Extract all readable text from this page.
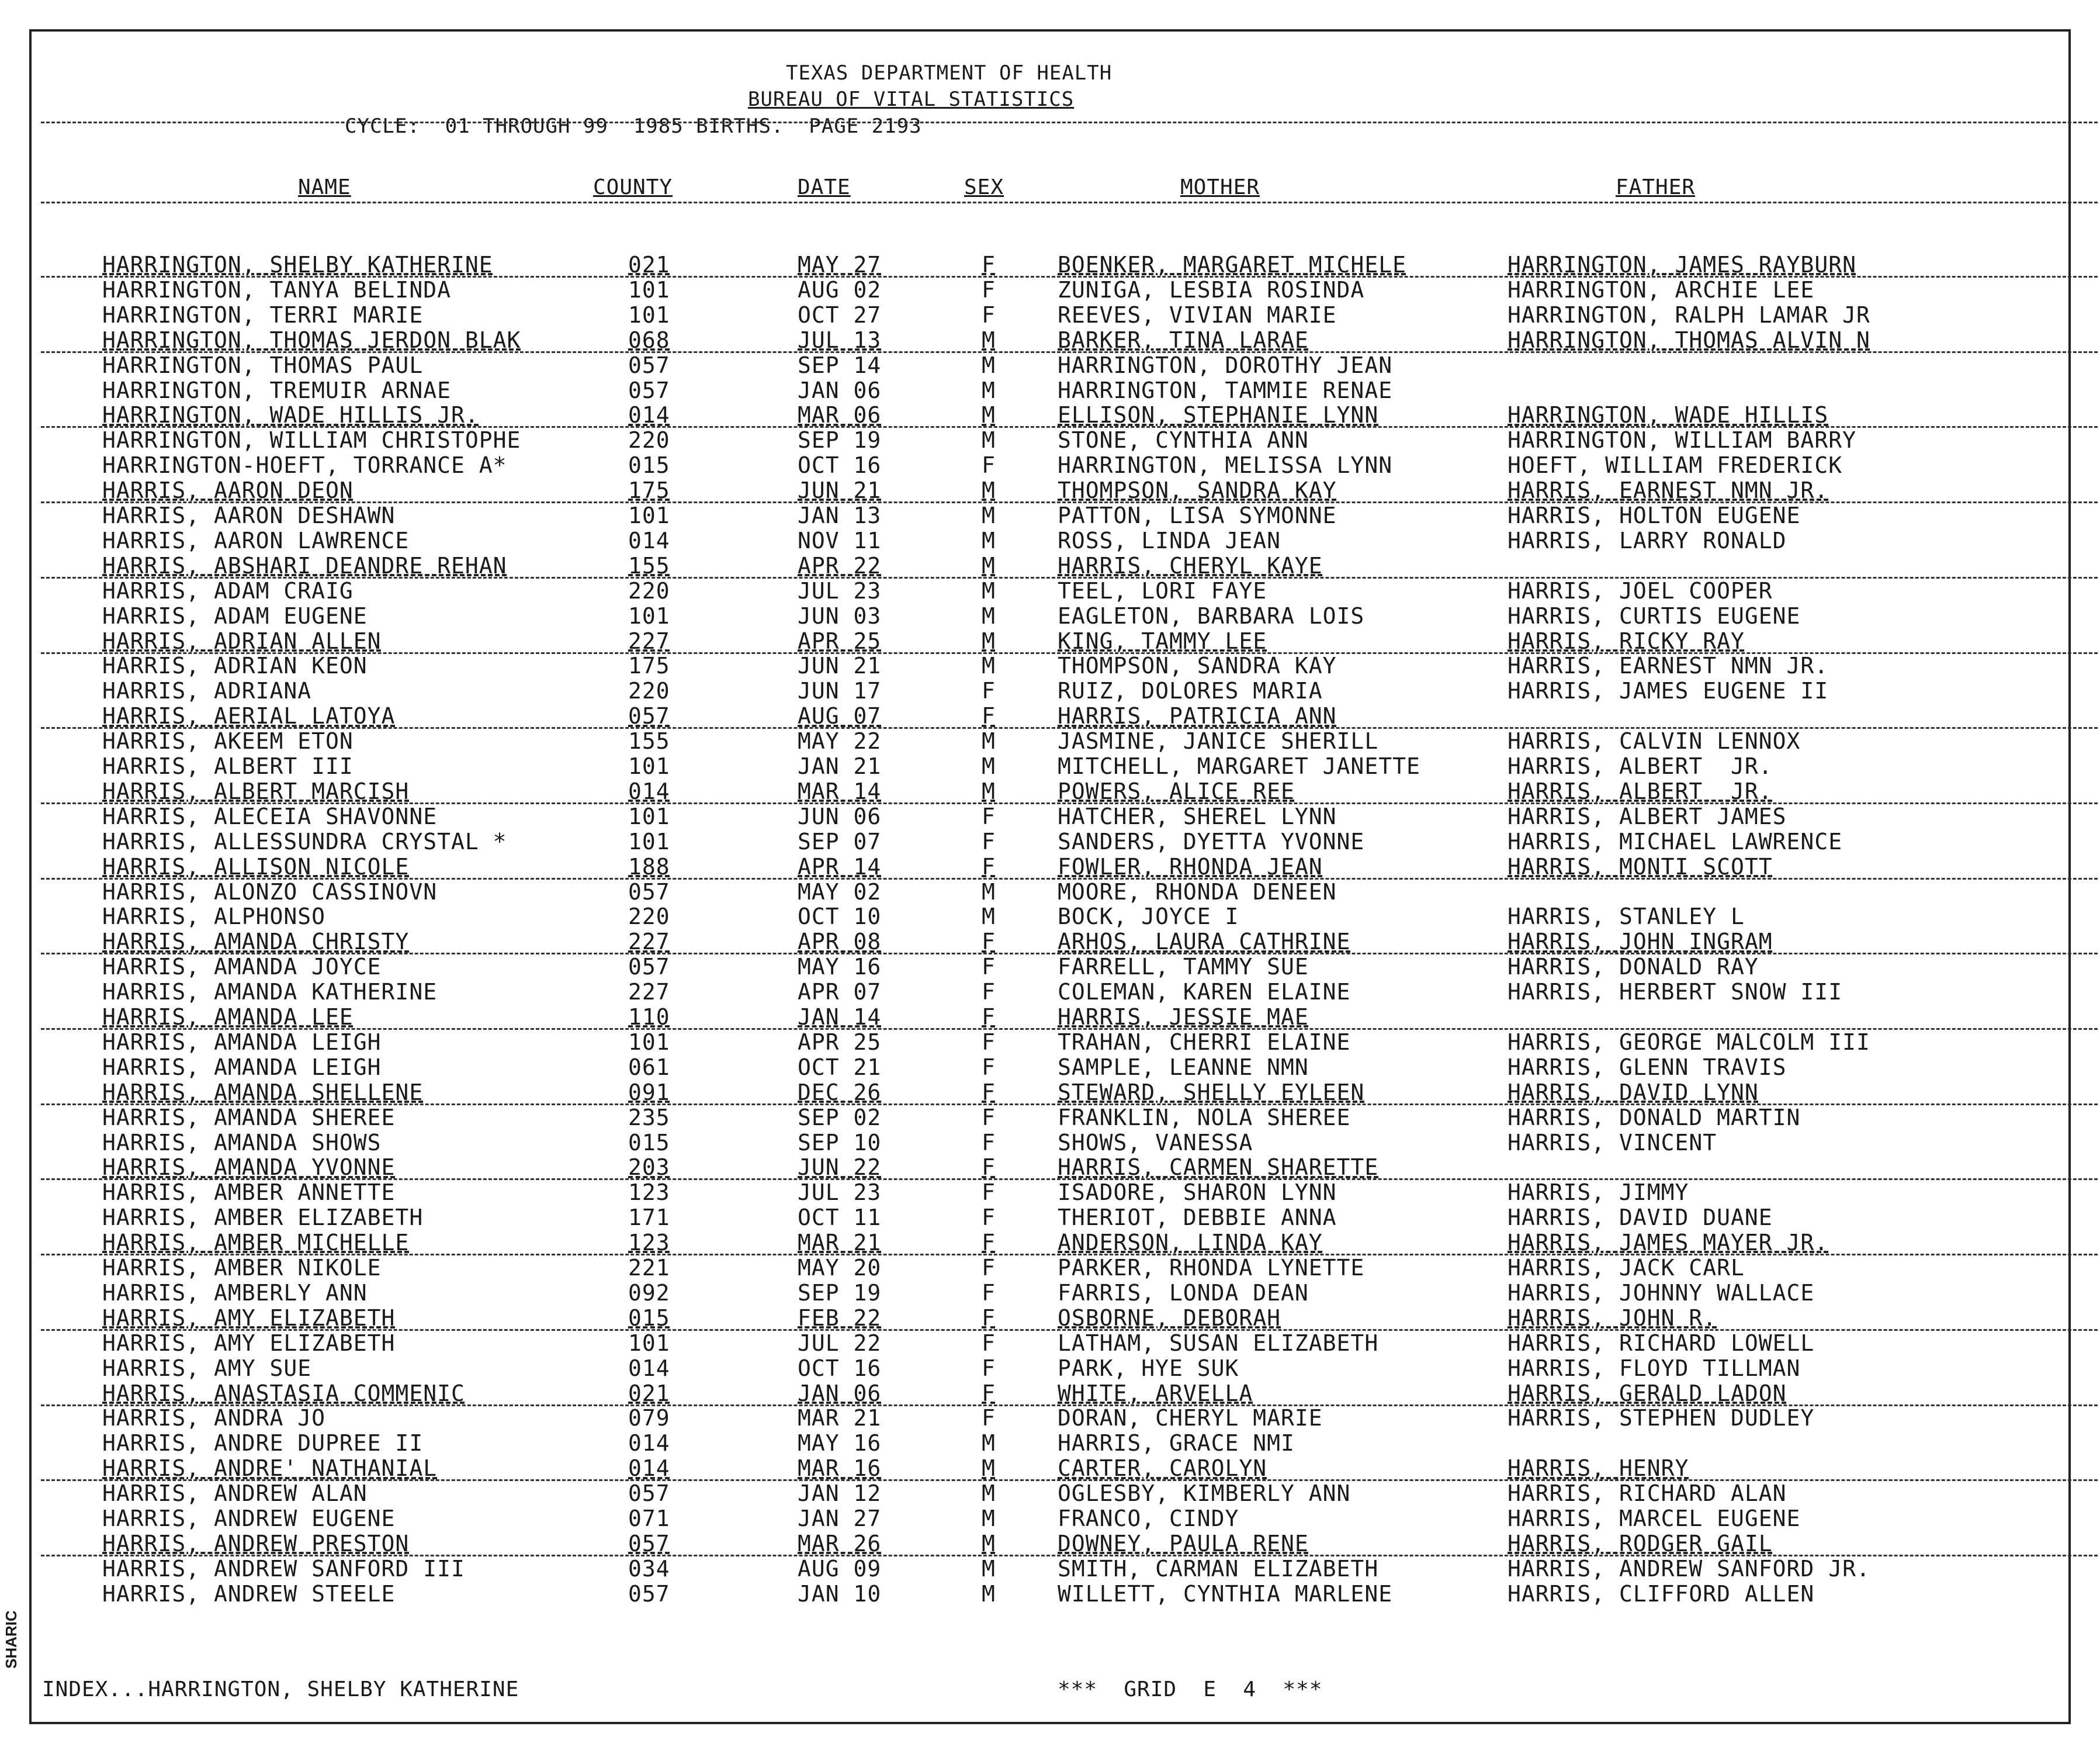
TEXAS DEPARTMENT OF HEALTH
BUREAU OF VITAL STATISTICS
CYCLE:  01 THROUGH 99  1985 BIRTHS.  PAGE 2193
NAME	COUNTY	DATE	SEX	MOTHER	FATHER
HARRINGTON, SHELBY KATHERINE	021	MAY 27	F	BOENKER, MARGARET MICHELE	HARRINGTON, JAMES RAYBURN
HARRINGTON, TANYA BELINDA	101	AUG 02	F	ZUNIGA, LESBIA ROSINDA	HARRINGTON, ARCHIE LEE
HARRINGTON, TERRI MARIE	101	OCT 27	F	REEVES, VIVIAN MARIE	HARRINGTON, RALPH LAMAR JR
HARRINGTON, THOMAS JERDON BLAK	068	JUL 13	M	BARKER, TINA LARAE	HARRINGTON, THOMAS ALVIN N
HARRINGTON, THOMAS PAUL	057	SEP 14	M	HARRINGTON, DOROTHY JEAN
HARRINGTON, TREMUIR ARNAE	057	JAN 06	M	HARRINGTON, TAMMIE RENAE
HARRINGTON, WADE HILLIS JR.	014	MAR 06	M	ELLISON, STEPHANIE LYNN	HARRINGTON, WADE HILLIS
HARRINGTON, WILLIAM CHRISTOPHE	220	SEP 19	M	STONE, CYNTHIA ANN	HARRINGTON, WILLIAM BARRY
HARRINGTON-HOEFT, TORRANCE A*	015	OCT 16	F	HARRINGTON, MELISSA LYNN	HOEFT, WILLIAM FREDERICK
HARRIS, AARON DEON	175	JUN 21	M	THOMPSON, SANDRA KAY	HARRIS, EARNEST NMN JR.
HARRIS, AARON DESHAWN	101	JAN 13	M	PATTON, LISA SYMONNE	HARRIS, HOLTON EUGENE
HARRIS, AARON LAWRENCE	014	NOV 11	M	ROSS, LINDA JEAN	HARRIS, LARRY RONALD
HARRIS, ABSHARI DEANDRE REHAN	155	APR 22	M	HARRIS, CHERYL KAYE
HARRIS, ADAM CRAIG	220	JUL 23	M	TEEL, LORI FAYE	HARRIS, JOEL COOPER
HARRIS, ADAM EUGENE	101	JUN 03	M	EAGLETON, BARBARA LOIS	HARRIS, CURTIS EUGENE
HARRIS, ADRIAN ALLEN	227	APR 25	M	KING, TAMMY LEE	HARRIS, RICKY RAY
HARRIS, ADRIAN KEON	175	JUN 21	M	THOMPSON, SANDRA KAY	HARRIS, EARNEST NMN JR.
HARRIS, ADRIANA	220	JUN 17	F	RUIZ, DOLORES MARIA	HARRIS, JAMES EUGENE II
HARRIS, AERIAL LATOYA	057	AUG 07	F	HARRIS, PATRICIA ANN
HARRIS, AKEEM ETON	155	MAY 22	M	JASMINE, JANICE SHERILL	HARRIS, CALVIN LENNOX
HARRIS, ALBERT III	101	JAN 21	M	MITCHELL, MARGARET JANETTE	HARRIS, ALBERT  JR.
HARRIS, ALBERT MARCISH	014	MAR 14	M	POWERS, ALICE REE	HARRIS, ALBERT  JR.
HARRIS, ALECEIA SHAVONNE	101	JUN 06	F	HATCHER, SHEREL LYNN	HARRIS, ALBERT JAMES
HARRIS, ALLESSUNDRA CRYSTAL *	101	SEP 07	F	SANDERS, DYETTA YVONNE	HARRIS, MICHAEL LAWRENCE
HARRIS, ALLISON NICOLE	188	APR 14	F	FOWLER, RHONDA JEAN	HARRIS, MONTI SCOTT
HARRIS, ALONZO CASSINOVN	057	MAY 02	M	MOORE, RHONDA DENEEN
HARRIS, ALPHONSO	220	OCT 10	M	BOCK, JOYCE I	HARRIS, STANLEY L
HARRIS, AMANDA CHRISTY	227	APR 08	F	ARHOS, LAURA CATHRINE	HARRIS, JOHN INGRAM
HARRIS, AMANDA JOYCE	057	MAY 16	F	FARRELL, TAMMY SUE	HARRIS, DONALD RAY
HARRIS, AMANDA KATHERINE	227	APR 07	F	COLEMAN, KAREN ELAINE	HARRIS, HERBERT SNOW III
HARRIS, AMANDA LEE	110	JAN 14	F	HARRIS, JESSIE MAE
HARRIS, AMANDA LEIGH	101	APR 25	F	TRAHAN, CHERRI ELAINE	HARRIS, GEORGE MALCOLM III
HARRIS, AMANDA LEIGH	061	OCT 21	F	SAMPLE, LEANNE NMN	HARRIS, GLENN TRAVIS
HARRIS, AMANDA SHELLENE	091	DEC 26	F	STEWARD, SHELLY EYLEEN	HARRIS, DAVID LYNN
HARRIS, AMANDA SHEREE	235	SEP 02	F	FRANKLIN, NOLA SHEREE	HARRIS, DONALD MARTIN
HARRIS, AMANDA SHOWS	015	SEP 10	F	SHOWS, VANESSA	HARRIS, VINCENT
HARRIS, AMANDA YVONNE	203	JUN 22	F	HARRIS, CARMEN SHARETTE
HARRIS, AMBER ANNETTE	123	JUL 23	F	ISADORE, SHARON LYNN	HARRIS, JIMMY
HARRIS, AMBER ELIZABETH	171	OCT 11	F	THERIOT, DEBBIE ANNA	HARRIS, DAVID DUANE
HARRIS, AMBER MICHELLE	123	MAR 21	F	ANDERSON, LINDA KAY	HARRIS, JAMES MAYER JR.
HARRIS, AMBER NIKOLE	221	MAY 20	F	PARKER, RHONDA LYNETTE	HARRIS, JACK CARL
HARRIS, AMBERLY ANN	092	SEP 19	F	FARRIS, LONDA DEAN	HARRIS, JOHNNY WALLACE
HARRIS, AMY ELIZABETH	015	FEB 22	F	OSBORNE, DEBORAH	HARRIS, JOHN R.
HARRIS, AMY ELIZABETH	101	JUL 22	F	LATHAM, SUSAN ELIZABETH	HARRIS, RICHARD LOWELL
HARRIS, AMY SUE	014	OCT 16	F	PARK, HYE SUK	HARRIS, FLOYD TILLMAN
HARRIS, ANASTASIA COMMENIC	021	JAN 06	F	WHITE, ARVELLA	HARRIS, GERALD LADON
HARRIS, ANDRA JO	079	MAR 21	F	DORAN, CHERYL MARIE	HARRIS, STEPHEN DUDLEY
HARRIS, ANDRE DUPREE II	014	MAY 16	M	HARRIS, GRACE NMI
HARRIS, ANDRE' NATHANIAL	014	MAR 16	M	CARTER, CAROLYN	HARRIS, HENRY
HARRIS, ANDREW ALAN	057	JAN 12	M	OGLESBY, KIMBERLY ANN	HARRIS, RICHARD ALAN
HARRIS, ANDREW EUGENE	071	JAN 27	M	FRANCO, CINDY	HARRIS, MARCEL EUGENE
HARRIS, ANDREW PRESTON	057	MAR 26	M	DOWNEY, PAULA RENE	HARRIS, RODGER GAIL
HARRIS, ANDREW SANFORD III	034	AUG 09	M	SMITH, CARMAN ELIZABETH	HARRIS, ANDREW SANFORD JR.
HARRIS, ANDREW STEELE	057	JAN 10	M	WILLETT, CYNTHIA MARLENE	HARRIS, CLIFFORD ALLEN
INDEX...HARRINGTON, SHELBY KATHERINE	***  GRID  E  4  ***
SHARIC
